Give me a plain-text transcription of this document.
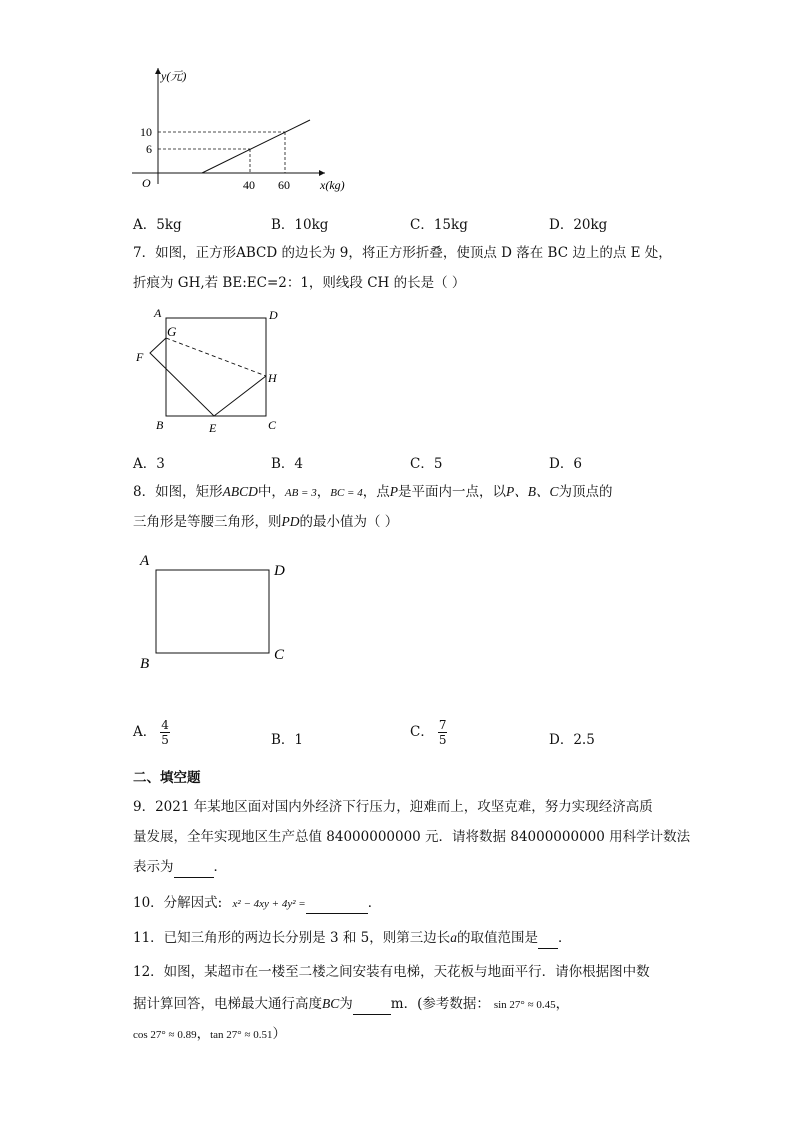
y(元)
x(kg)
O
10
6
40 60
A．5kg	B．10kg	C．15kg	D．20kg
7．如图，正方形ABCD 的边长为 9，将正方形折叠，使顶点 D 落在 BC 边上的点 E 处，
折痕为 GH,若 BE:EC=2：1，则线段 CH 的长是（ ）
A
G
D
F
H
B	E	C
A．3	B．4	C．5	D．6
8．如图，矩形ABCD中，AB = 3，BC = 4，点P是平面内一点，以P、B、C为顶点的
三角形是等腰三角形，则PD的最小值为（ ）
A
D
B
C
A． $\frac{4}{5}$	B．1	C． $\frac{7}{5}$	D．2.5
二、填空题
9．2021 年某地区面对国内外经济下行压力，迎难而上，攻坚克难，努力实现经济高质
量发展，全年实现地区生产总值 84000000000 元．请将数据 84000000000 用科学计数法
表示为	．
10．分解因式: x² − 4xy + 4y² =	．
11．已知三角形的两边长分别是 3 和 5，则第三边长a的取值范围是 ．
12．如图，某超市在一楼至二楼之间安装有电梯，天花板与地面平行．请你根据图中数
据计算回答，电梯最大通行高度BC为	m．(参考数据： sin 27° ≈ 0.45，
cos 27° ≈ 0.89，tan 27° ≈ 0.51）
